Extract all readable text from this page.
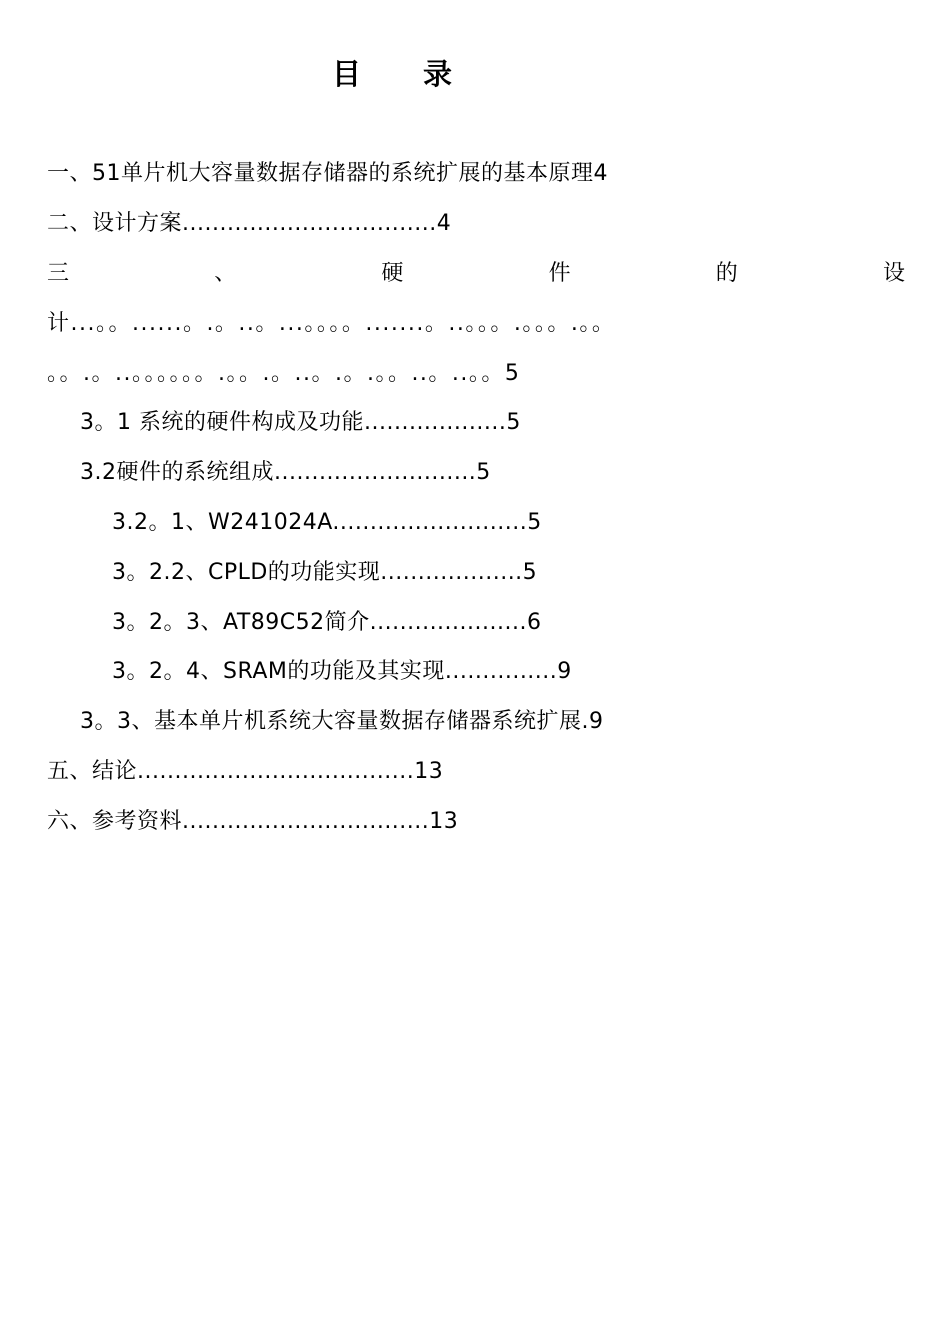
目 录
一、51单片机大容量数据存储器的系统扩展的基本原理4
二、设计方案..................................4
三	、	硬	件	的	设
计...。。......。.。..。...。。。。.......。..。。。.。。。.。。
。。.。..。。。。。。.。。.。..。.。.。。..。..。。5
3。1 系统的硬件构成及功能...................5
3.2硬件的系统组成...........................5
3.2。1、W241024A..........................5
3。2.2、CPLD的功能实现...................5
3。2。3、AT89C52简介.....................6
3。2。4、SRAM的功能及其实现...............9
3。3、基本单片机系统大容量数据存储器系统扩展.9
五、结论.....................................13
六、参考资料.................................13
